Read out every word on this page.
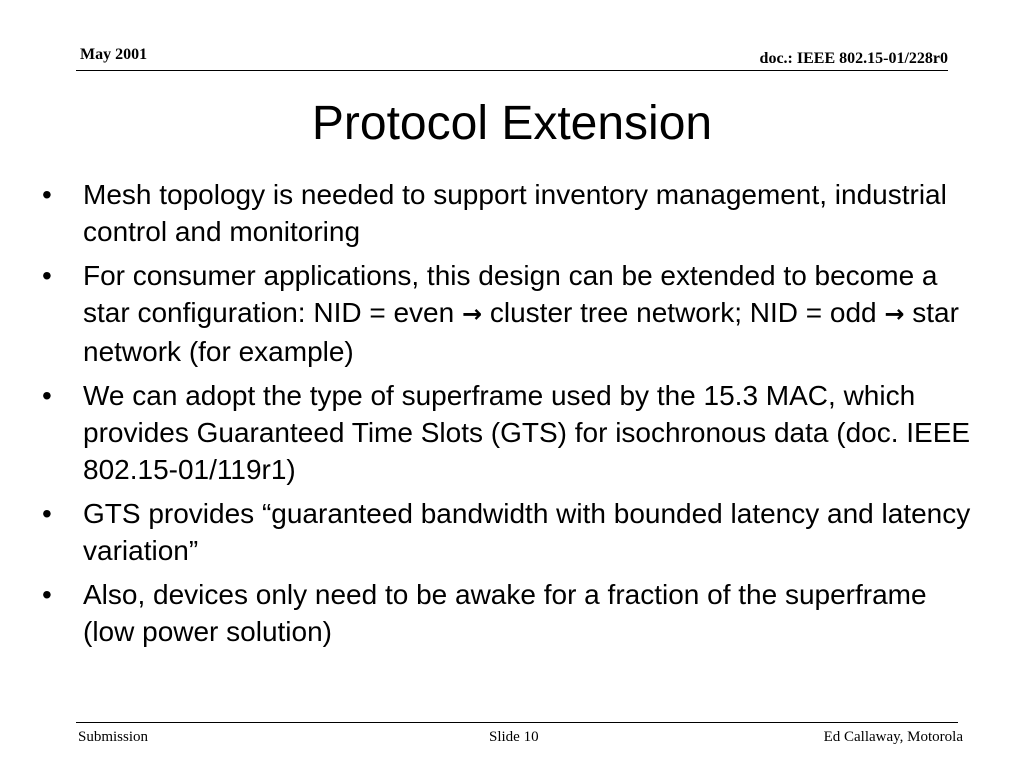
May 2001	doc.: IEEE 802.15-01/228r0
Protocol Extension
• Mesh topology is needed to support inventory management, industrial control and monitoring
• For consumer applications, this design can be extended to become a star configuration: NID = even → cluster tree network; NID = odd → star network (for example)
• We can adopt the type of superframe used by the 15.3 MAC, which provides Guaranteed Time Slots (GTS) for isochronous data (doc. IEEE 802.15-01/119r1)
• GTS provides “guaranteed bandwidth with bounded latency and latency variation”
• Also, devices only need to be awake for a fraction of the superframe (low power solution)
Submission	Slide 10	Ed Callaway, Motorola
